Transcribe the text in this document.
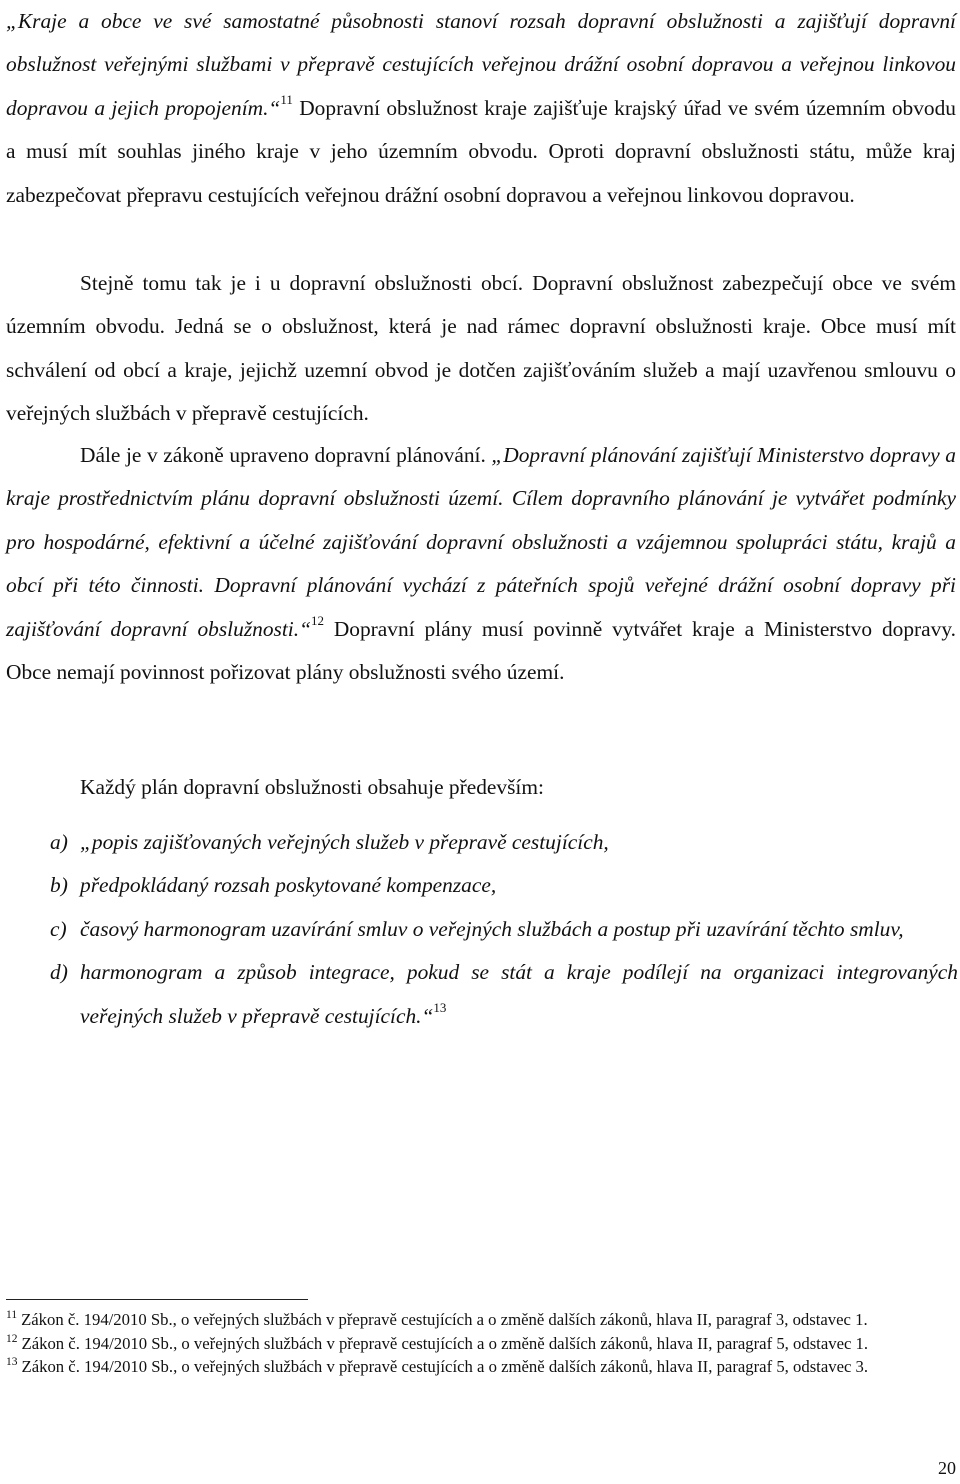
„Kraje a obce ve své samostatné působnosti stanoví rozsah dopravní obslužnosti a zajišťují dopravní obslužnost veřejnými službami v přepravě cestujících veřejnou drážní osobní dopravou a veřejnou linkovou dopravou a jejich propojením.“$^{11}$ Dopravní obslužnost kraje zajišťuje krajský úřad ve svém územním obvodu a musí mít souhlas jiného kraje v jeho územním obvodu. Oproti dopravní obslužnosti státu, může kraj zabezpečovat přepravu cestujících veřejnou drážní osobní dopravou a veřejnou linkovou dopravou.

Stejně tomu tak je i u dopravní obslužnosti obcí. Dopravní obslužnost zabezpečují obce ve svém územním obvodu. Jedná se o obslužnost, která je nad rámec dopravní obslužnosti kraje. Obce musí mít schválení od obcí a kraje, jejichž uzemní obvod je dotčen zajišťováním služeb a mají uzavřenou smlouvu o veřejných službách v přepravě cestujících.

Dále je v zákoně upraveno dopravní plánování. „Dopravní plánování zajišťují Ministerstvo dopravy a kraje prostřednictvím plánu dopravní obslužnosti území. Cílem dopravního plánování je vytvářet podmínky pro hospodárné, efektivní a účelné zajišťování dopravní obslužnosti a vzájemnou spolupráci státu, krajů a obcí při této činnosti. Dopravní plánování vychází z páteřních spojů veřejné drážní osobní dopravy při zajišťování dopravní obslužnosti.“$^{12}$ Dopravní plány musí povinně vytvářet kraje a Ministerstvo dopravy. Obce nemají povinnost pořizovat plány obslužnosti svého území.

Každý plán dopravní obslužnosti obsahuje především:

a) „popis zajišťovaných veřejných služeb v přepravě cestujících,
b) předpokládaný rozsah poskytované kompenzace,
c) časový harmonogram uzavírání smluv o veřejných službách a postup při uzavírání těchto smluv,
d) harmonogram a způsob integrace, pokud se stát a kraje podílejí na organizaci integrovaných veřejných služeb v přepravě cestujících.“$^{13}$
$^{11}$ Zákon č. 194/2010 Sb., o veřejných službách v přepravě cestujících a o změně dalších zákonů, hlava II, paragraf 3, odstavec 1.
$^{12}$ Zákon č. 194/2010 Sb., o veřejných službách v přepravě cestujících a o změně dalších zákonů, hlava II, paragraf 5, odstavec 1.
$^{13}$ Zákon č. 194/2010 Sb., o veřejných službách v přepravě cestujících a o změně dalších zákonů, hlava II, paragraf 5, odstavec 3.
20
